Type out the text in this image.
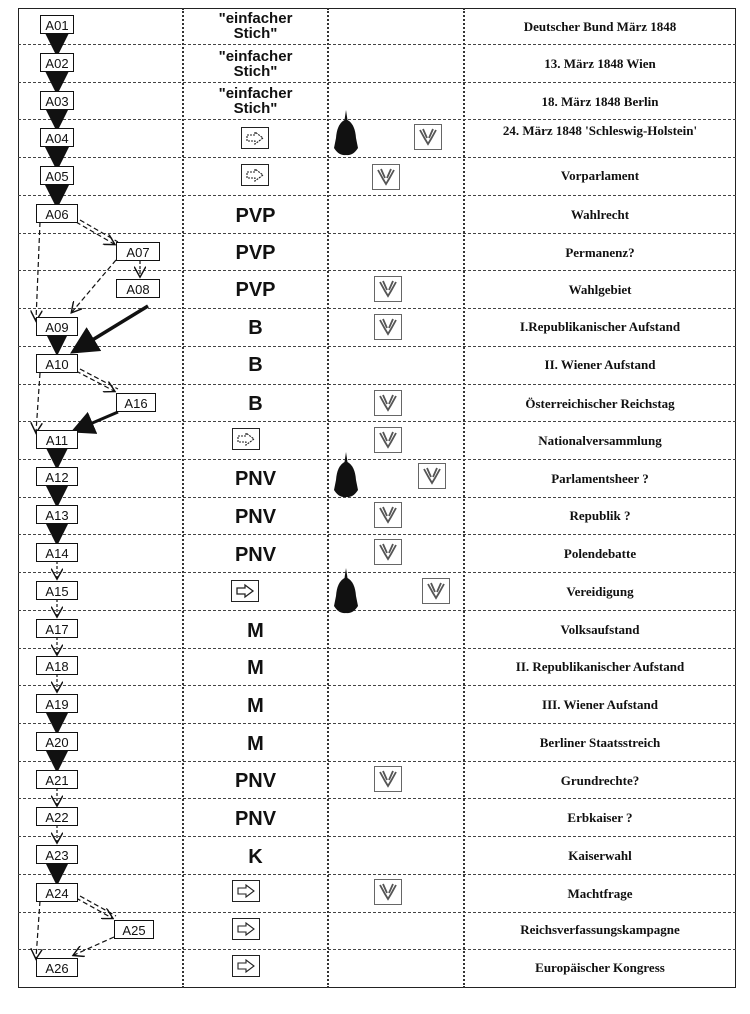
A01
A02
A03
A04
A05
A06
A07
A08
A09
A10
A16
A11
A12
A13
A14
A15
A17
A18
A19
A20
A21
A22
A23
A24
A25
A26
"einfacher Stich"
"einfacher Stich"
"einfacher Stich"
PVP
PVP
PVP
B
B
B
PNV
PNV
PNV
M
M
M
M
PNV
PNV
K
Deutscher Bund März 1848
13. März 1848 Wien
18. März 1848 Berlin
24. März 1848 'Schleswig-Holstein'
Vorparlament
Wahlrecht
Permanenz?
Wahlgebiet
I.Republikanischer Aufstand
II. Wiener Aufstand
Österreichischer Reichstag
Nationalversammlung
Parlamentsheer ?
Republik ?
Polendebatte
Vereidigung
Volksaufstand
II. Republikanischer Aufstand
III. Wiener Aufstand
Berliner Staatsstreich
Grundrechte?
Erbkaiser ?
Kaiserwahl
Machtfrage
Reichsverfassungskampagne
Europäischer Kongress
